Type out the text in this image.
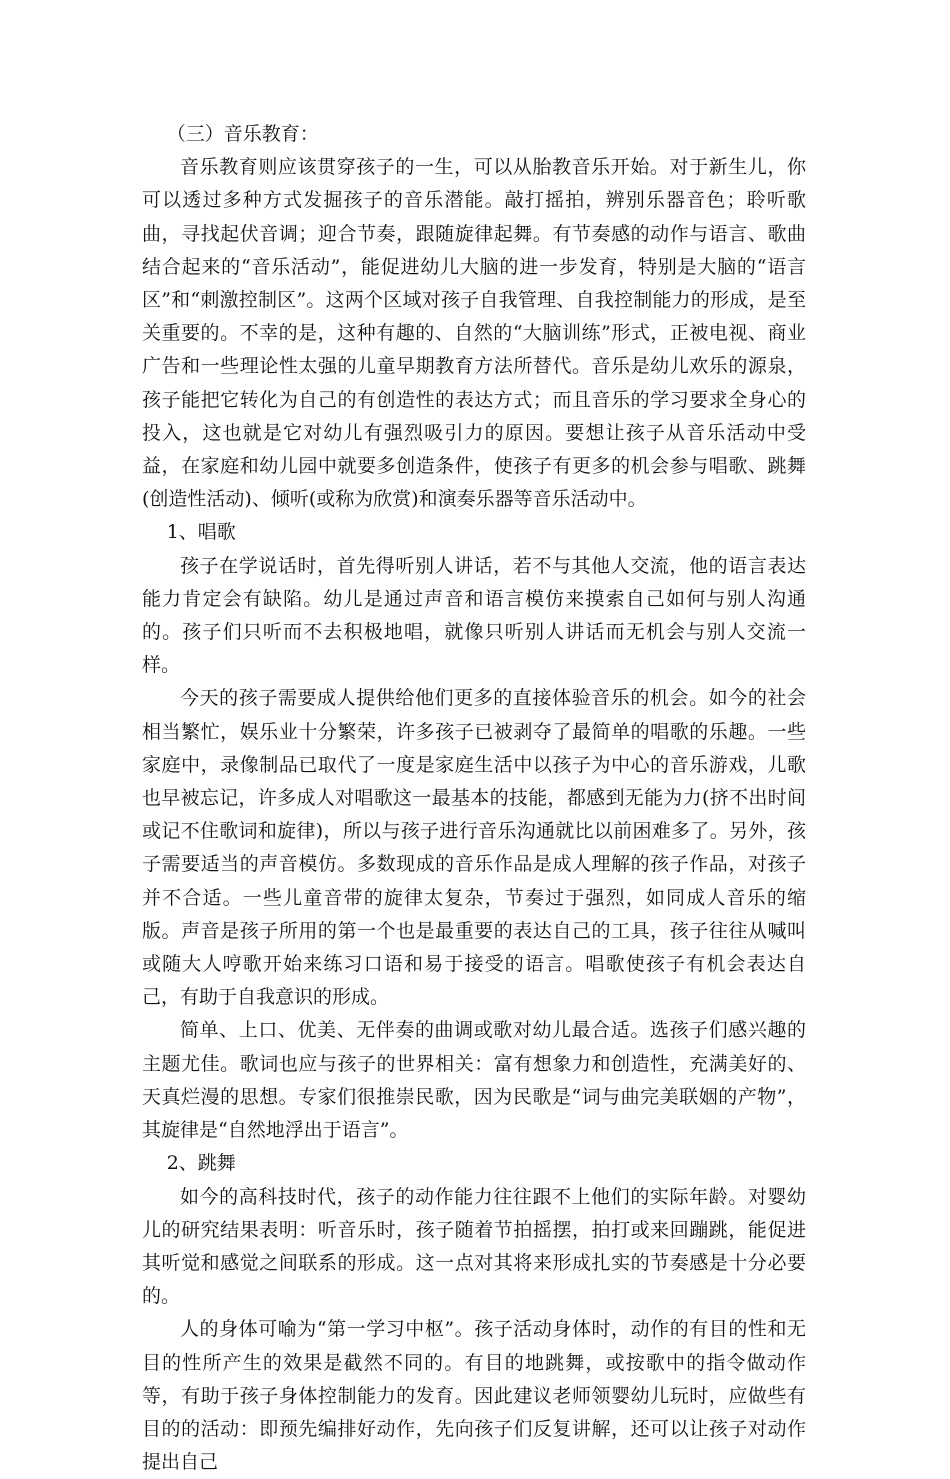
（三）音乐教育：

音乐教育则应该贯穿孩子的一生，可以从胎教音乐开始。对于新生儿，你可以透过多种方式发掘孩子的音乐潜能。敲打摇拍，辨别乐器音色；聆听歌曲，寻找起伏音调；迎合节奏，跟随旋律起舞。有节奏感的动作与语言、歌曲结合起来的“音乐活动”，能促进幼儿大脑的进一步发育，特别是大脑的“语言区”和“刺激控制区”。这两个区域对孩子自我管理、自我控制能力的形成，是至关重要的。不幸的是，这种有趣的、自然的“大脑训练”形式，正被电视、商业广告和一些理论性太强的儿童早期教育方法所替代。音乐是幼儿欢乐的源泉，孩子能把它转化为自己的有创造性的表达方式；而且音乐的学习要求全身心的投入，这也就是它对幼儿有强烈吸引力的原因。要想让孩子从音乐活动中受益，在家庭和幼儿园中就要多创造条件，使孩子有更多的机会参与唱歌、跳舞(创造性活动)、倾听(或称为欣赏)和演奏乐器等音乐活动中。

1、唱歌

孩子在学说话时，首先得听别人讲话，若不与其他人交流，他的语言表达能力肯定会有缺陷。幼儿是通过声音和语言模仿来摸索自己如何与别人沟通的。孩子们只听而不去积极地唱，就像只听别人讲话而无机会与别人交流一样。

今天的孩子需要成人提供给他们更多的直接体验音乐的机会。如今的社会相当繁忙，娱乐业十分繁荣，许多孩子已被剥夺了最简单的唱歌的乐趣。一些家庭中，录像制品已取代了一度是家庭生活中以孩子为中心的音乐游戏，儿歌也早被忘记，许多成人对唱歌这一最基本的技能，都感到无能为力(挤不出时间或记不住歌词和旋律)，所以与孩子进行音乐沟通就比以前困难多了。另外，孩子需要适当的声音模仿。多数现成的音乐作品是成人理解的孩子作品，对孩子并不合适。一些儿童音带的旋律太复杂，节奏过于强烈，如同成人音乐的缩版。声音是孩子所用的第一个也是最重要的表达自己的工具，孩子往往从喊叫或随大人哼歌开始来练习口语和易于接受的语言。唱歌使孩子有机会表达自己，有助于自我意识的形成。

简单、上口、优美、无伴奏的曲调或歌对幼儿最合适。选孩子们感兴趣的主题尤佳。歌词也应与孩子的世界相关：富有想象力和创造性，充满美好的、天真烂漫的思想。专家们很推崇民歌，因为民歌是“词与曲完美联姻的产物”，其旋律是“自然地浮出于语言”。

2、跳舞

如今的高科技时代，孩子的动作能力往往跟不上他们的实际年龄。对婴幼儿的研究结果表明：听音乐时，孩子随着节拍摇摆，拍打或来回蹦跳，能促进其听觉和感觉之间联系的形成。这一点对其将来形成扎实的节奏感是十分必要的。

人的身体可喻为“第一学习中枢”。孩子活动身体时，动作的有目的性和无目的性所产生的效果是截然不同的。有目的地跳舞，或按歌中的指令做动作等，有助于孩子身体控制能力的发育。因此建议老师领婴幼儿玩时，应做些有目的的活动：即预先编排好动作，先向孩子们反复讲解，还可以让孩子对动作提出自己
